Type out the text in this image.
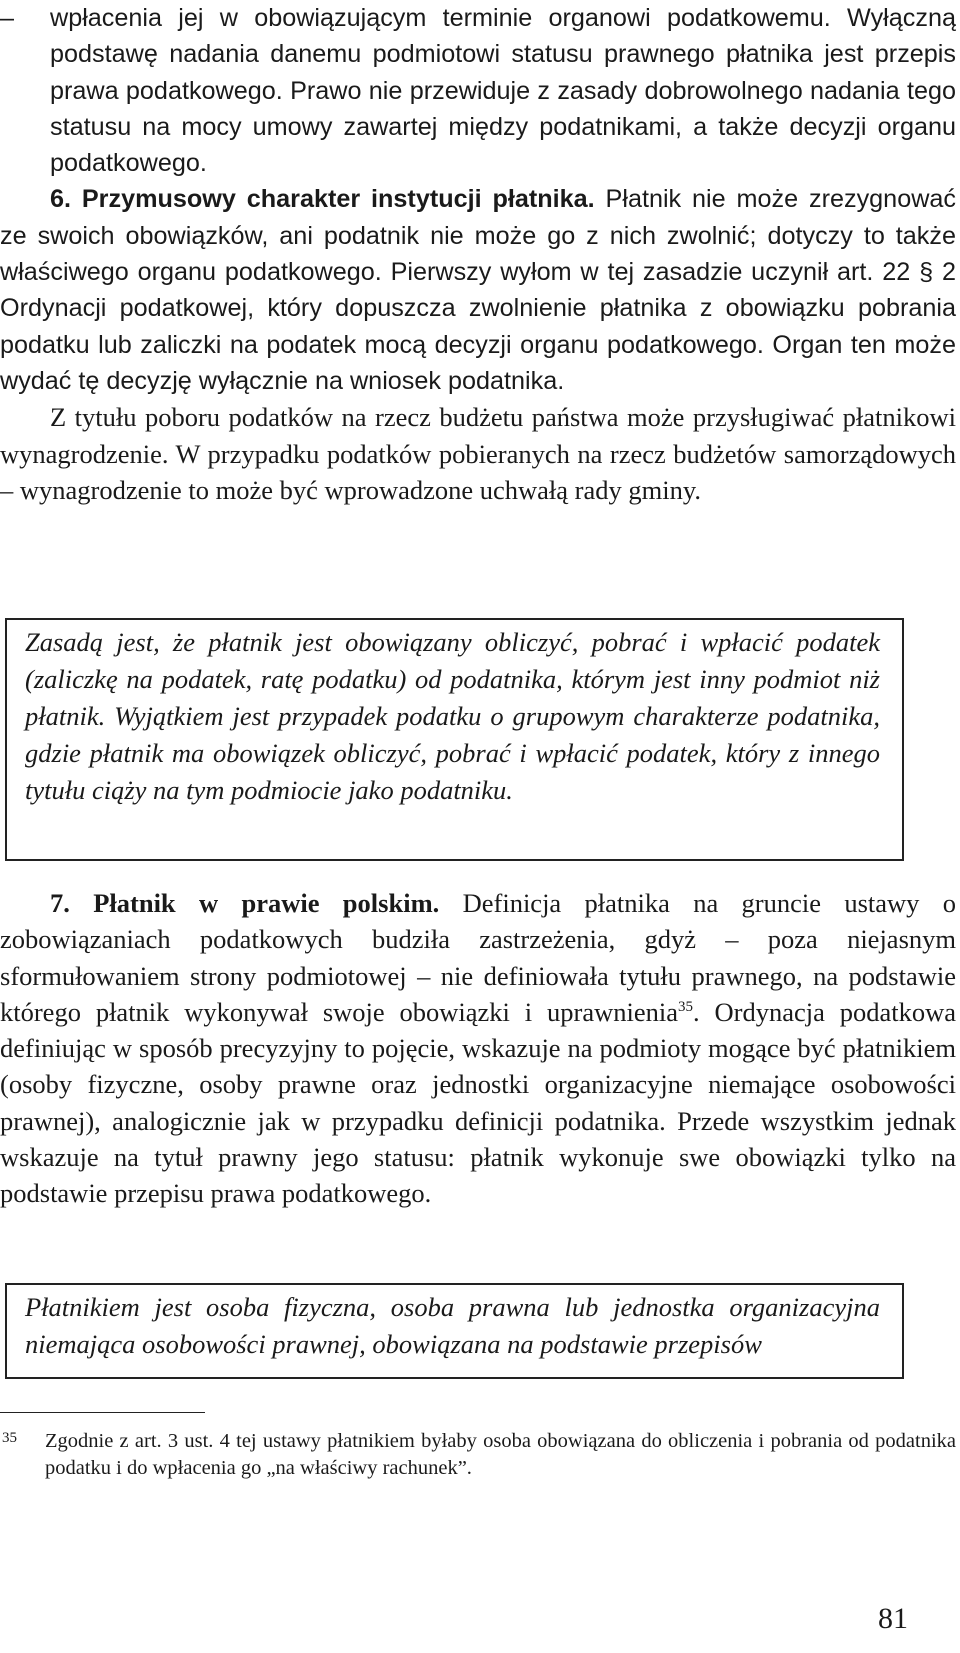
– wpłacenia jej w obowiązującym terminie organowi podatkowemu. Wyłączną podstawę nadania danemu podmiotowi statusu prawnego płatnika jest przepis prawa podatkowego. Prawo nie przewiduje z zasady dobrowolnego nadania tego statusu na mocy umowy zawartej między podatnikami, a także decyzji organu podatkowego.

6. Przymusowy charakter instytucji płatnika. Płatnik nie może zrezygnować ze swoich obowiązków, ani podatnik nie może go z nich zwolnić; dotyczy to także właściwego organu podatkowego. Pierwszy wyłom w tej zasadzie uczynił art. 22 § 2 Ordynacji podatkowej, który dopuszcza zwolnienie płatnika z obowiązku pobrania podatku lub zaliczki na podatek mocą decyzji organu podatkowego. Organ ten może wydać tę decyzję wyłącznie na wniosek podatnika.

Z tytułu poboru podatków na rzecz budżetu państwa może przysługiwać płatnikowi wynagrodzenie. W przypadku podatków pobieranych na rzecz budżetów samorządowych – wynagrodzenie to może być wprowadzone uchwałą rady gminy.

Zasadą jest, że płatnik jest obowiązany obliczyć, pobrać i wpłacić podatek (zaliczkę na podatek, ratę podatku) od podatnika, którym jest inny podmiot niż płatnik. Wyjątkiem jest przypadek podatku o grupowym charakterze podatnika, gdzie płatnik ma obowiązek obliczyć, pobrać i wpłacić podatek, który z innego tytułu ciąży na tym podmiocie jako podatniku.

7. Płatnik w prawie polskim. Definicja płatnika na gruncie ustawy o zobowiązaniach podatkowych budziła zastrzeżenia, gdyż – poza niejasnym sformułowaniem strony podmiotowej – nie definiowała tytułu prawnego, na podstawie którego płatnik wykonywał swoje obowiązki i uprawnienia$^{35}$. Ordynacja podatkowa definiując w sposób precyzyjny to pojęcie, wskazuje na podmioty mogące być płatnikiem (osoby fizyczne, osoby prawne oraz jednostki organizacyjne niemające osobowości prawnej), analogicznie jak w przypadku definicji podatnika. Przede wszystkim jednak wskazuje na tytuł prawny jego statusu: płatnik wykonuje swe obowiązki tylko na podstawie przepisu prawa podatkowego.

Płatnikiem jest osoba fizyczna, osoba prawna lub jednostka organizacyjna niemająca osobowości prawnej, obowiązana na podstawie przepisów

35 Zgodnie z art. 3 ust. 4 tej ustawy płatnikiem byłaby osoba obowiązana do obliczenia i pobrania od podatnika podatku i do wpłacenia go „na właściwy rachunek”.
81
